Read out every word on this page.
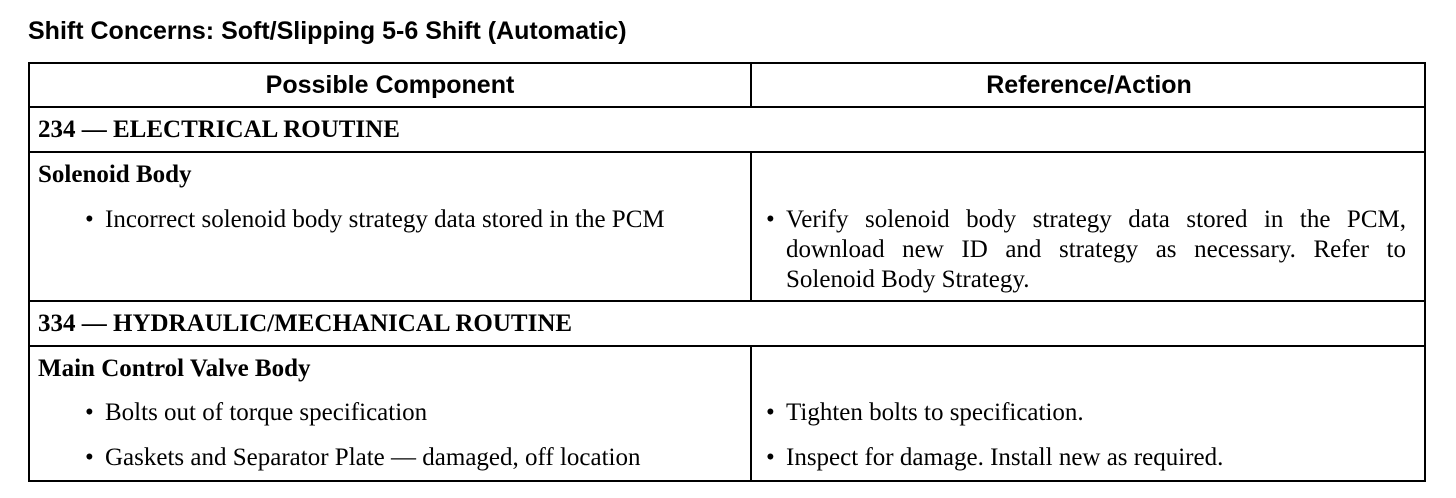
Shift Concerns: Soft/Slipping 5-6 Shift (Automatic)
Possible Component	Reference/Action
234 — ELECTRICAL ROUTINE
Solenoid Body
• Incorrect solenoid body strategy data stored in the PCM	• Verify solenoid body strategy data stored in the PCM, download new ID and strategy as necessary. Refer to Solenoid Body Strategy.
334 — HYDRAULIC/MECHANICAL ROUTINE
Main Control Valve Body
• Bolts out of torque specification	• Tighten bolts to specification.
• Gaskets and Separator Plate — damaged, off location	• Inspect for damage. Install new as required.
